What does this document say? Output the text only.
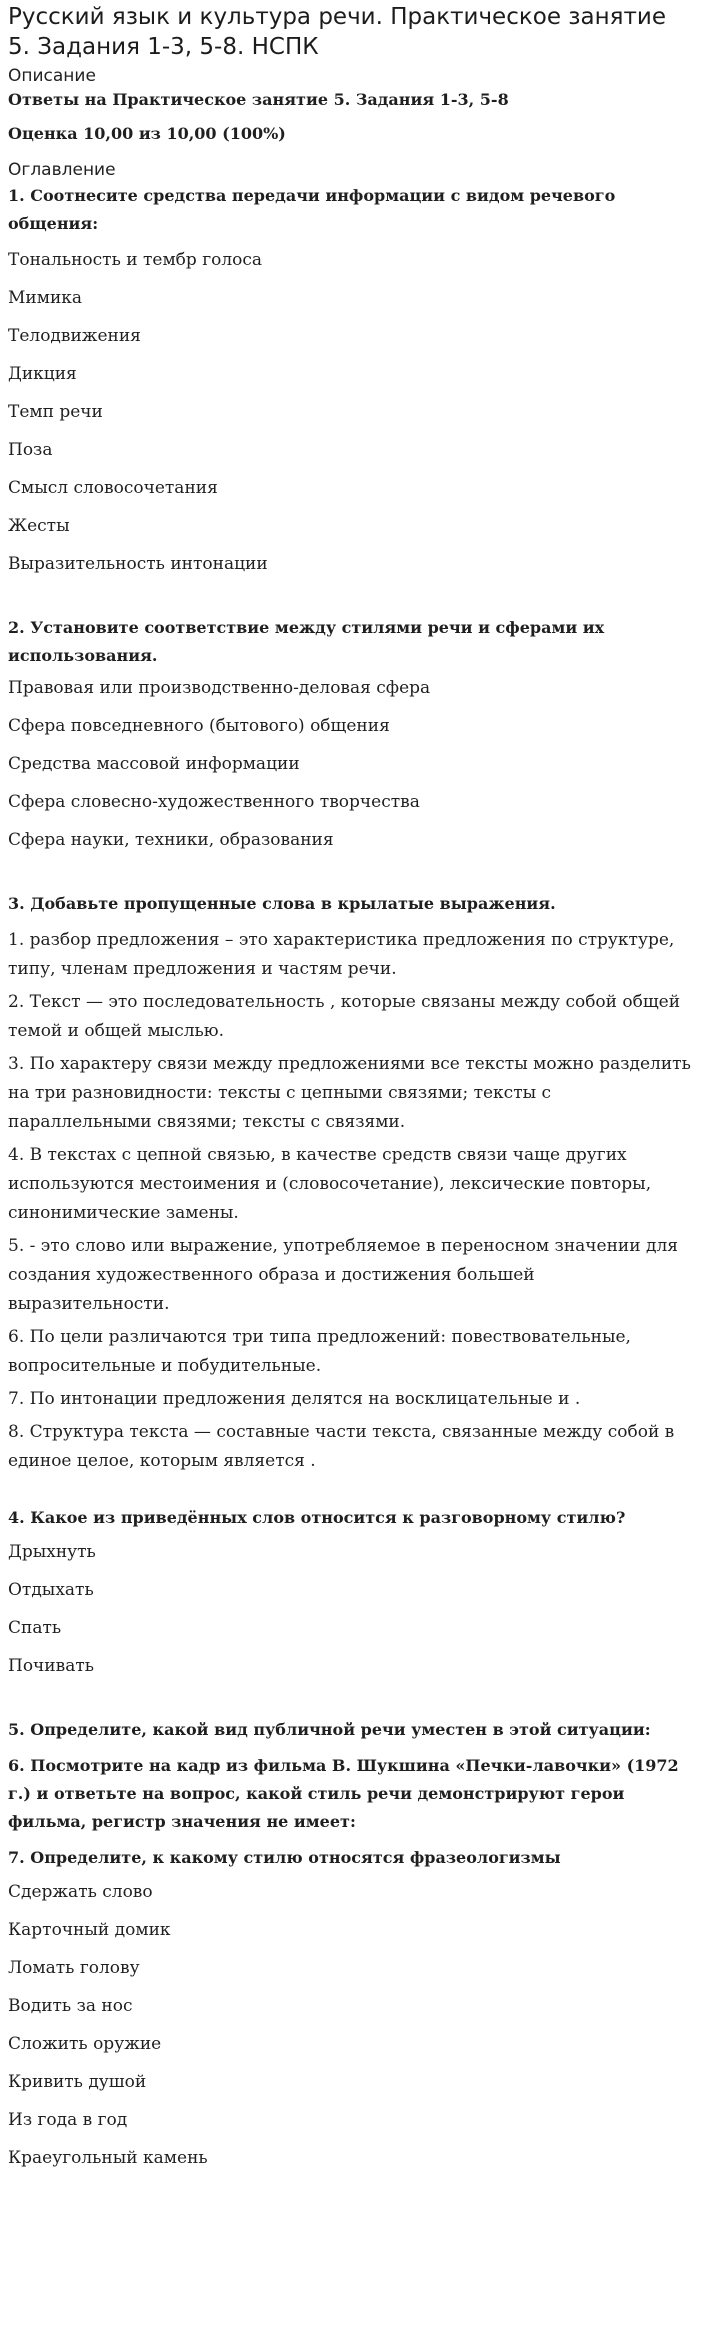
Русский язык и культура речи. Практическое занятие 5. Задания 1-3, 5-8. НСПК
Описание
Ответы на Практическое занятие 5. Задания 1-3, 5-8
Оценка 10,00 из 10,00 (100%)
Оглавление
1. Соотнесите средства передачи информации с видом речевого общения:
Тональность и тембр голоса
Мимика
Телодвижения
Дикция
Темп речи
Поза
Смысл словосочетания
Жесты
Выразительность интонации
2. Установите соответствие между стилями речи и сферами их использования.
Правовая или производственно-деловая сфера
Сфера повседневного (бытового) общения
Средства массовой информации
Сфера словесно-художественного творчества
Сфера науки, техники, образования
3. Добавьте пропущенные слова в крылатые выражения.
1. разбор предложения – это характеристика предложения по структуре, типу, членам предложения и частям речи.
2. Текст — это последовательность , которые связаны между собой общей темой и общей мыслью.
3. По характеру связи между предложениями все тексты можно разделить на три разновидности: тексты с цепными связями; тексты с параллельными связями; тексты с связями.
4. В текстах с цепной связью, в качестве средств связи чаще других используются местоимения и (словосочетание), лексические повторы, синонимические замены.
5. - это слово или выражение, употребляемое в переносном значении для создания художественного образа и достижения большей выразительности.
6. По цели различаются три типа предложений: повествовательные, вопросительные и побудительные.
7. По интонации предложения делятся на восклицательные и .
8. Структура текста — составные части текста, связанные между собой в единое целое, которым является .
4. Какое из приведённых слов относится к разговорному стилю?
Дрыхнуть
Отдыхать
Спать
Почивать
5. Определите, какой вид публичной речи уместен в этой ситуации:
6. Посмотрите на кадр из фильма В. Шукшина «Печки-лавочки» (1972 г.) и ответьте на вопрос, какой стиль речи демонстрируют герои фильма, регистр значения не имеет:
7. Определите, к какому стилю относятся фразеологизмы
Сдержать слово
Карточный домик
Ломать голову
Водить за нос
Сложить оружие
Кривить душой
Из года в год
Краеугольный камень
